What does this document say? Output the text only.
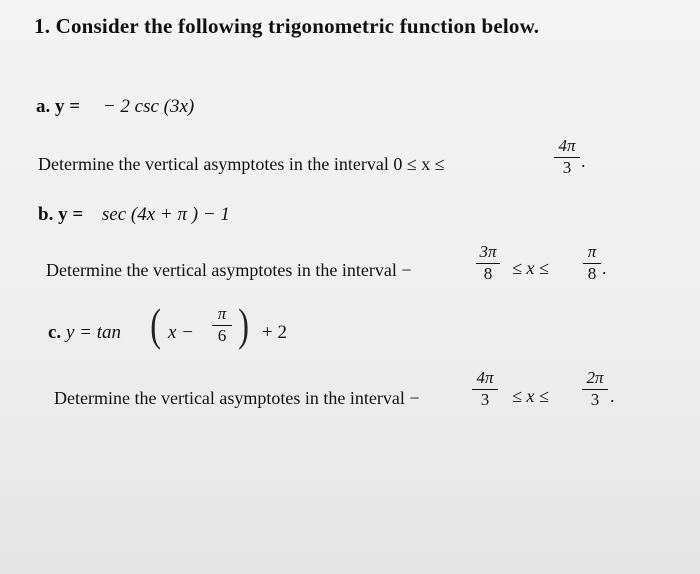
1. Consider the following trigonometric function below.
a. y = − 2 csc (3x)
Determine the vertical asymptotes in the interval 0 ≤ x ≤
4π
3 .
b. y = sec (4x + π ) − 1
Determine the vertical asymptotes in the interval −
3π
8	≤ x ≤
π
8 .
c. y = tan ( x −
π
6 ) + 2
Determine the vertical asymptotes in the interval −
4π
3	≤ x ≤
2π
3 .
